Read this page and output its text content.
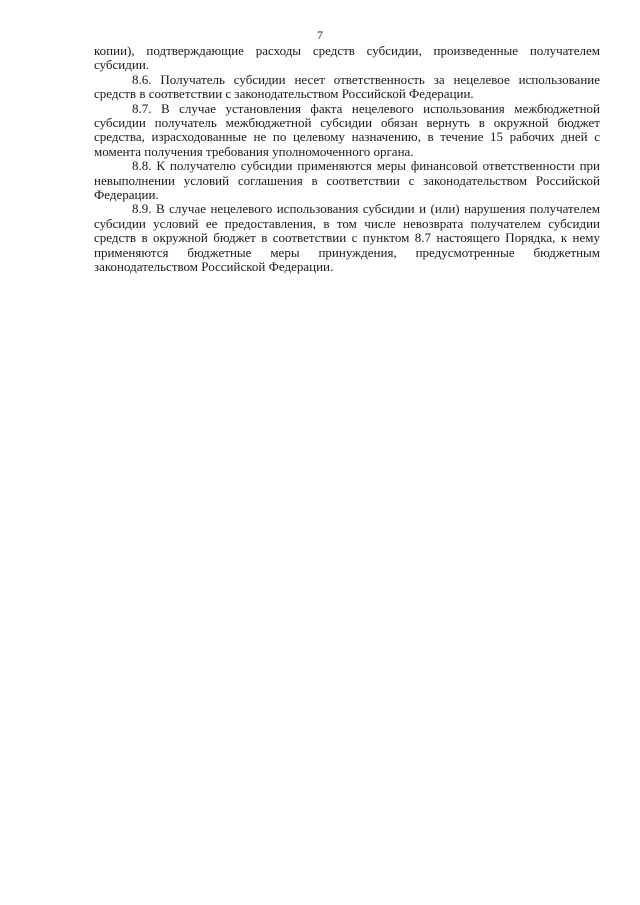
7

копии), подтверждающие расходы средств субсидии, произведенные получателем субсидии.

8.6. Получатель субсидии несет ответственность за нецелевое использование средств в соответствии с законодательством Российской Федерации.

8.7. В случае установления факта нецелевого использования межбюджетной субсидии получатель межбюджетной субсидии обязан вернуть в окружной бюджет средства, израсходованные не по целевому назначению, в течение 15 рабочих дней с момента получения требования уполномоченного органа.

8.8. К получателю субсидии применяются меры финансовой ответственности при невыполнении условий соглашения в соответствии с законодательством Российской Федерации.

8.9. В случае нецелевого использования субсидии и (или) нарушения получателем субсидии условий ее предоставления, в том числе невозврата получателем субсидии средств в окружной бюджет в соответствии с пунктом 8.7 настоящего Порядка, к нему применяются бюджетные меры принуждения, предусмотренные бюджетным законодательством Российской Федерации.
